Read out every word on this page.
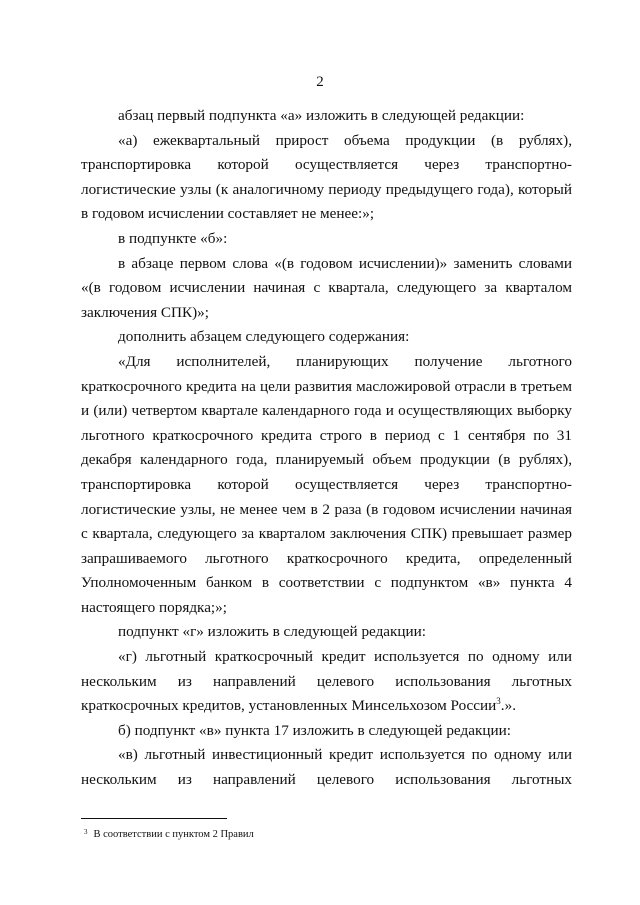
2

абзац первый подпункта «а» изложить в следующей редакции:

«а) ежеквартальный прирост объема продукции (в рублях), транспортировка которой осуществляется через транспортно-логистические узлы (к аналогичному периоду предыдущего года), который в годовом исчислении составляет не менее:»;

в подпункте «б»:

в абзаце первом слова «(в годовом исчислении)» заменить словами «(в годовом исчислении начиная с квартала, следующего за кварталом заключения СПК)»;

дополнить абзацем следующего содержания:

«Для исполнителей, планирующих получение льготного краткосрочного кредита на цели развития масложировой отрасли в третьем и (или) четвертом квартале календарного года и осуществляющих выборку льготного краткосрочного кредита строго в период с 1 сентября по 31 декабря календарного года, планируемый объем продукции (в рублях), транспортировка которой осуществляется через транспортно-логистические узлы, не менее чем в 2 раза (в годовом исчислении начиная с квартала, следующего за кварталом заключения СПК) превышает размер запрашиваемого льготного краткосрочного кредита, определенный Уполномоченным банком в соответствии с подпунктом «в» пункта 4 настоящего порядка;»;

подпункт «г» изложить в следующей редакции:

«г) льготный краткосрочный кредит используется по одному или нескольким из направлений целевого использования льготных краткосрочных кредитов, установленных Минсельхозом России$^3$.».

б) подпункт «в» пункта 17 изложить в следующей редакции:

«в) льготный инвестиционный кредит используется по одному или нескольким из направлений целевого использования льготных

$^3$ В соответствии с пунктом 2 Правил
